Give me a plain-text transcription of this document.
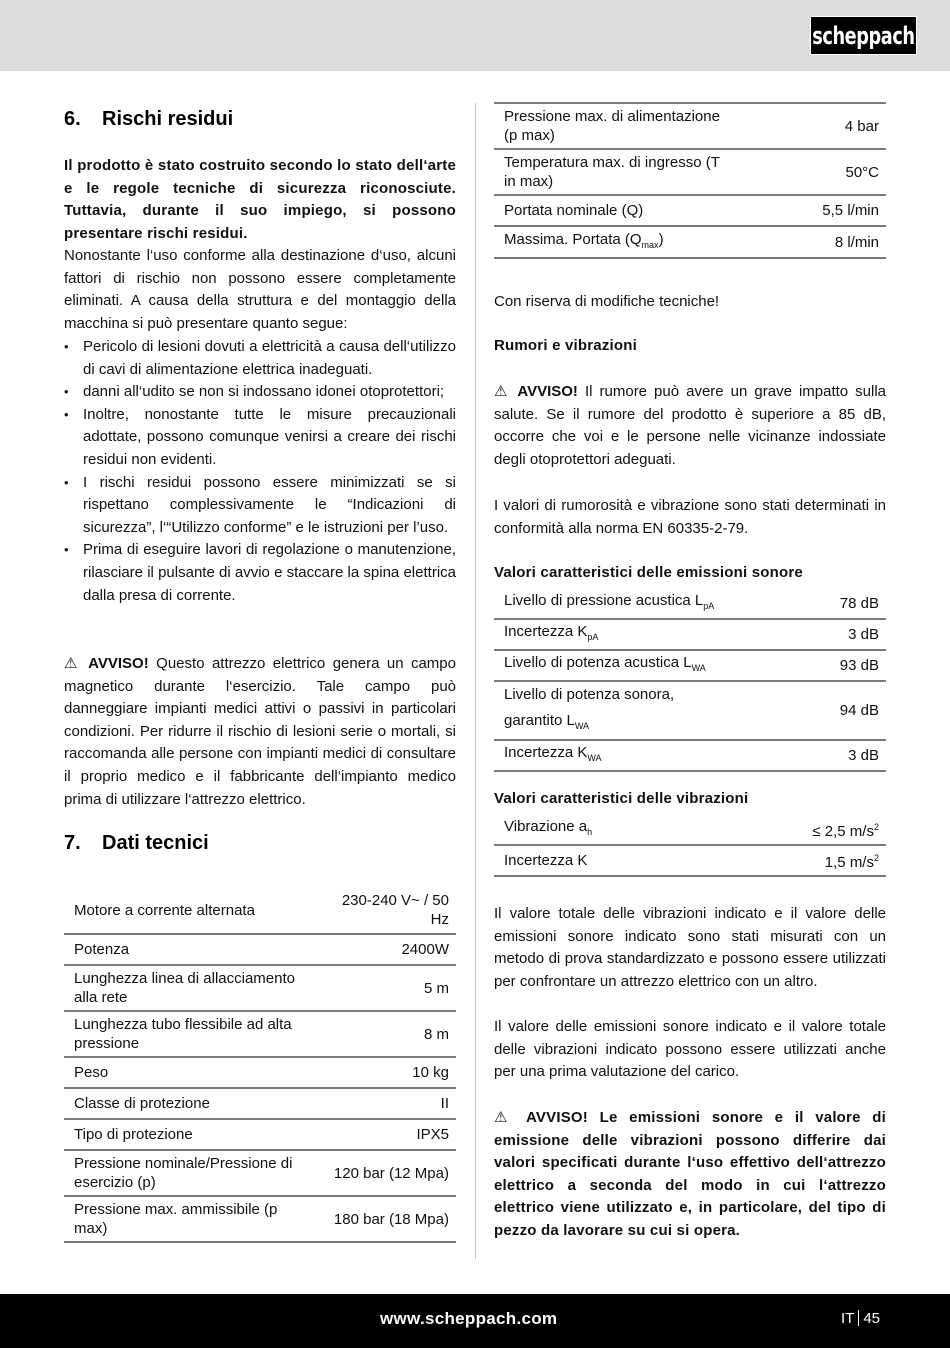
scheppach
6. Rischi residui

Il prodotto è stato costruito secondo lo stato dell‘arte e le regole tecniche di sicurezza riconosciute. Tuttavia, durante il suo impiego, si possono presentare rischi residui.

Nonostante l‘uso conforme alla destinazione d‘uso, alcuni fattori di rischio non possono essere completamente eliminati. A causa della struttura e del montaggio della macchina si può presentare quanto segue:

• Pericolo di lesioni dovuti a elettricità a causa dell‘utilizzo di cavi di alimentazione elettrica inadeguati.
• danni all‘udito se non si indossano idonei otoprotettori;
• Inoltre, nonostante tutte le misure precauzionali adottate, possono comunque venirsi a creare dei rischi residui non evidenti.
• I rischi residui possono essere minimizzati se si rispettano complessivamente le “Indicazioni di sicurezza”, l‘“Utilizzo conforme” e le istruzioni per l’uso.
• Prima di eseguire lavori di regolazione o manutenzione, rilasciare il pulsante di avvio e staccare la spina elettrica dalla presa di corrente.

⚠ AVVISO! Questo attrezzo elettrico genera un campo magnetico durante l‘esercizio. Tale campo può danneggiare impianti medici attivi o passivi in particolari condizioni. Per ridurre il rischio di lesioni serie o mortali, si raccomanda alle persone con impianti medici di consultare il proprio medico e il fabbricante dell‘impianto medico prima di utilizzare l‘attrezzo elettrico.

7. Dati tecnici
Motore a corrente alternata	230-240 V~ / 50 Hz
Potenza	2400W
Lunghezza linea di allacciamento alla rete	5 m
Lunghezza tubo flessibile ad alta pressione	8 m
Peso	10 kg
Classe di protezione	II
Tipo di protezione	IPX5
Pressione nominale/Pressione di esercizio (p)	120 bar (12 Mpa)
Pressione max. ammissibile (p max)	180 bar (18 Mpa)
Pressione max. di alimentazione (p max)	4 bar
Temperatura max. di ingresso (T in max)	50°C
Portata nominale (Q)	5,5 l/min
Massima. Portata $(Q_{max})$	8 l/min

Con riserva di modifiche tecniche!

Rumori e vibrazioni

⚠ AVVISO! Il rumore può avere un grave impatto sulla salute. Se il rumore del prodotto è superiore a 85 dB, occorre che voi e le persone nelle vicinanze indossiate degli otoprotettori adeguati.

I valori di rumorosità e vibrazione sono stati determinati in conformità alla norma EN 60335-2-79.

Valori caratteristici delle emissioni sonore
Livello di pressione acustica $L_{pA}$	78 dB
Incertezza $K_{pA}$	3 dB
Livello di potenza acustica $L_{WA}$	93 dB
Livello di potenza sonora, garantito $L_{WA}$	94 dB
Incertezza $K_{WA}$	3 dB
Valori caratteristici delle vibrazioni
Vibrazione $a_h$	≤ 2,5 $m/s^2$
Incertezza K	1,5 $m/s^2$

Il valore totale delle vibrazioni indicato e il valore delle emissioni sonore indicato sono stati misurati con un metodo di prova standardizzato e possono essere utilizzati per confrontare un attrezzo elettrico con un altro.

Il valore delle emissioni sonore indicato e il valore totale delle vibrazioni indicato possono essere utilizzati anche per una prima valutazione del carico.

⚠ AVVISO! Le emissioni sonore e il valore di emissione delle vibrazioni possono differire dai valori specificati durante l‘uso effettivo dell‘attrezzo elettrico a seconda del modo in cui l‘attrezzo elettrico viene utilizzato e, in particolare, del tipo di pezzo da lavorare su cui si opera.

www.scheppach.com	IT 45
